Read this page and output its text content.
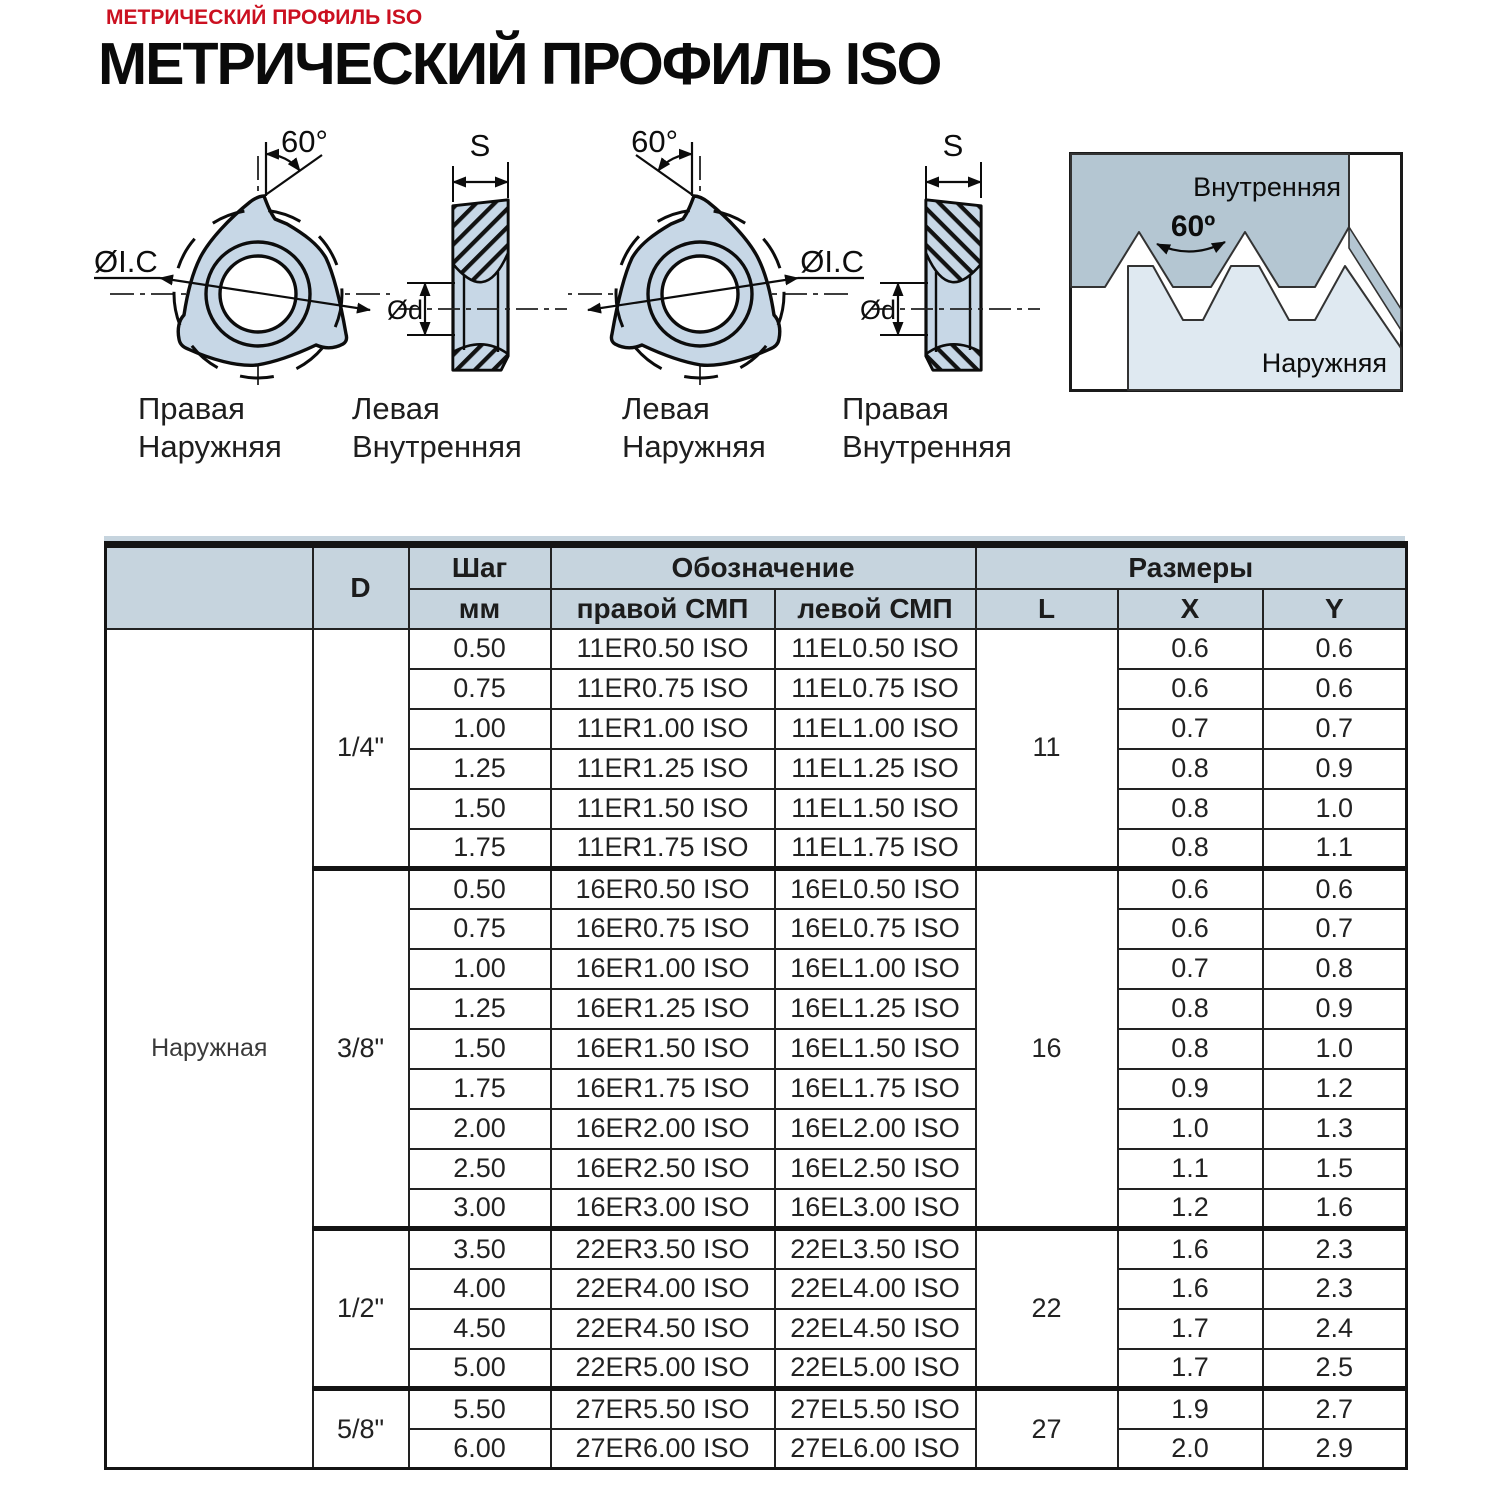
МЕТРИЧЕСКИЙ ПРОФИЛЬ ISO
МЕТРИЧЕСКИЙ ПРОФИЛЬ ISO
60°
ØI.C
S
Ød
60°
ØI.C
S
Ød
60º
Внутренняя
Наружняя
Правая
Наружняя
Левая
Внутренняя
Левая
Наружняя
Правая
Внутренняя
	D	Шаг	Обозначение		Размеры		
		мм	правой СМП	левой СМП	L	X	Y
Наружная	1/4"	0.50	11ER0.50 ISO	11EL0.50 ISO	11	0.6	0.6
		0.75	11ER0.75 ISO	11EL0.75 ISO		0.6	0.6
		1.00	11ER1.00 ISO	11EL1.00 ISO		0.7	0.7
		1.25	11ER1.25 ISO	11EL1.25 ISO		0.8	0.9
		1.50	11ER1.50 ISO	11EL1.50 ISO		0.8	1.0
		1.75	11ER1.75 ISO	11EL1.75 ISO		0.8	1.1
	3/8"	0.50	16ER0.50 ISO	16EL0.50 ISO	16	0.6	0.6
		0.75	16ER0.75 ISO	16EL0.75 ISO		0.6	0.7
		1.00	16ER1.00 ISO	16EL1.00 ISO		0.7	0.8
		1.25	16ER1.25 ISO	16EL1.25 ISO		0.8	0.9
		1.50	16ER1.50 ISO	16EL1.50 ISO		0.8	1.0
		1.75	16ER1.75 ISO	16EL1.75 ISO		0.9	1.2
		2.00	16ER2.00 ISO	16EL2.00 ISO		1.0	1.3
		2.50	16ER2.50 ISO	16EL2.50 ISO		1.1	1.5
		3.00	16ER3.00 ISO	16EL3.00 ISO		1.2	1.6
	1/2"	3.50	22ER3.50 ISO	22EL3.50 ISO	22	1.6	2.3
		4.00	22ER4.00 ISO	22EL4.00 ISO		1.6	2.3
		4.50	22ER4.50 ISO	22EL4.50 ISO		1.7	2.4
		5.00	22ER5.00 ISO	22EL5.00 ISO		1.7	2.5
	5/8"	5.50	27ER5.50 ISO	27EL5.50 ISO	27	1.9	2.7
		6.00	27ER6.00 ISO	27EL6.00 ISO		2.0	2.9
